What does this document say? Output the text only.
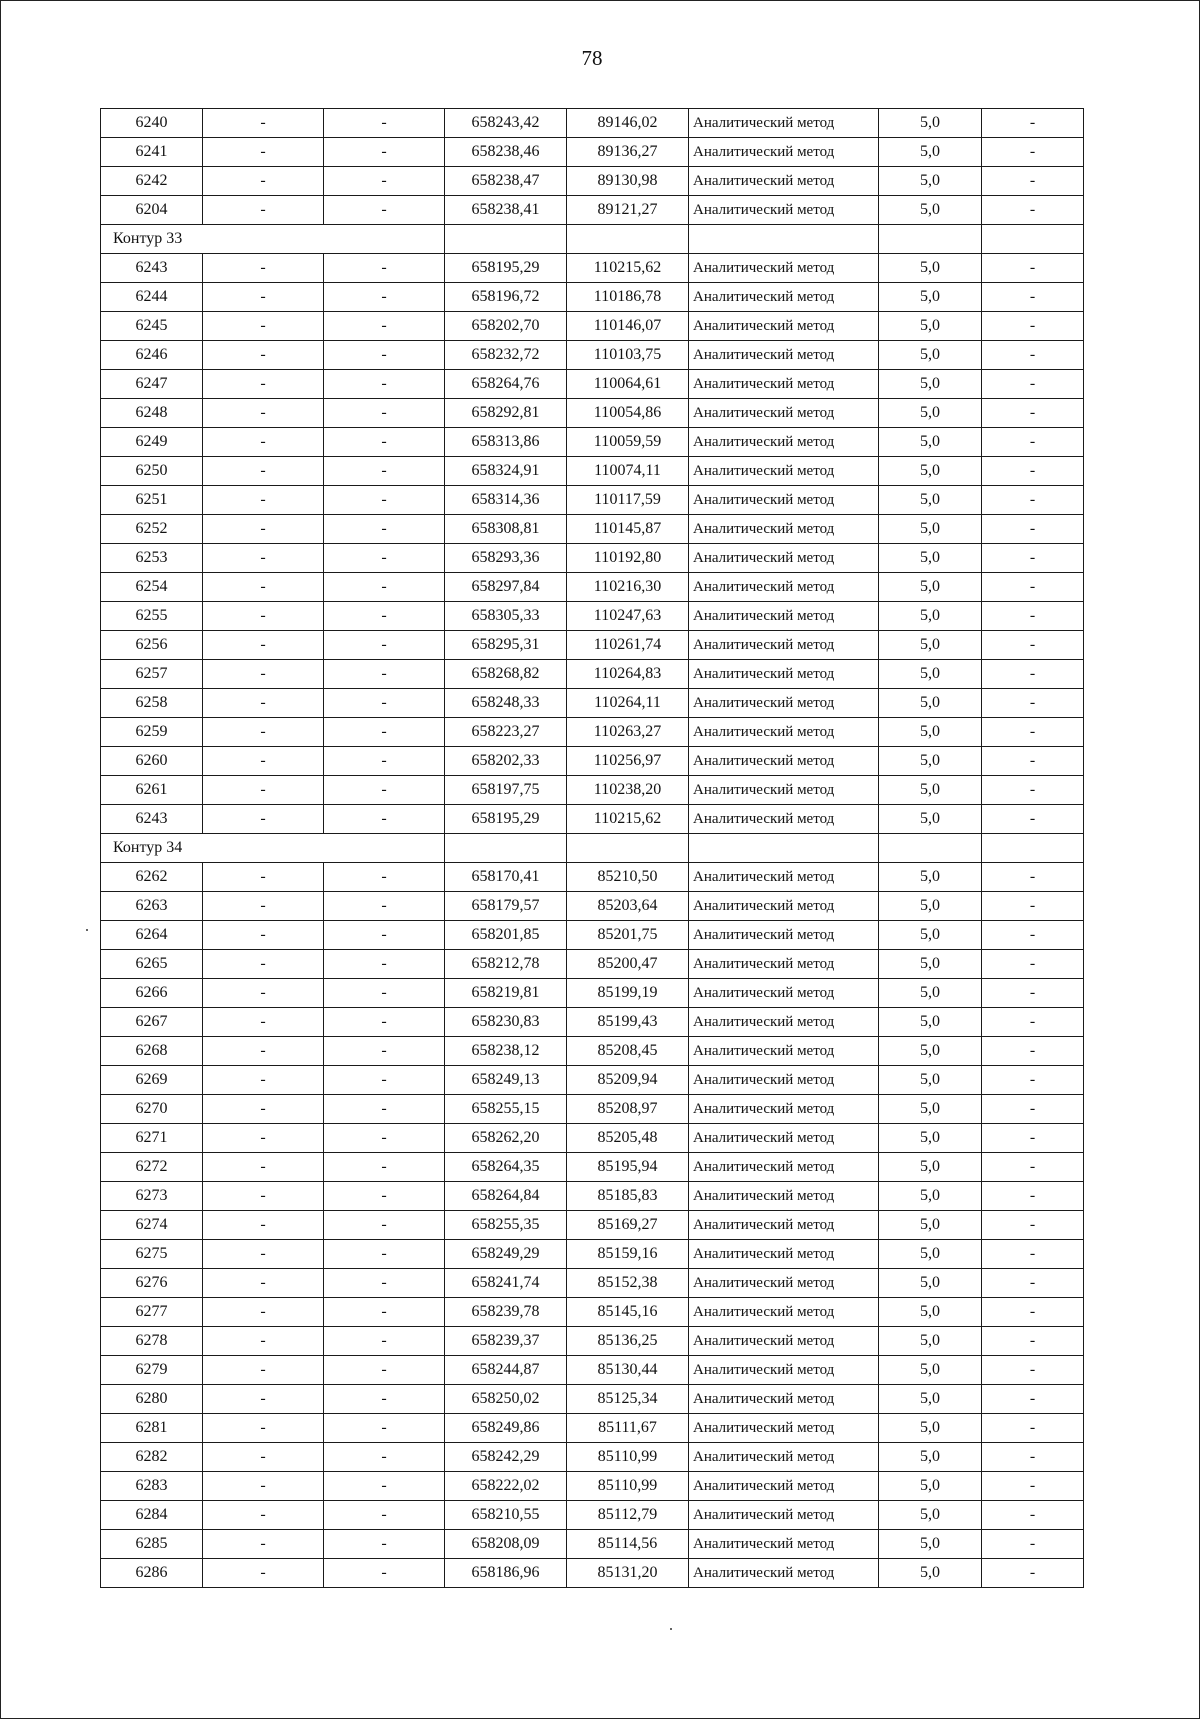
78
6240	-	-	658243,42	89146,02	Аналитический метод	5,0	-
6241	-	-	658238,46	89136,27	Аналитический метод	5,0	-
6242	-	-	658238,47	89130,98	Аналитический метод	5,0	-
6204	-	-	658238,41	89121,27	Аналитический метод	5,0	-
Контур 33							
6243	-	-	658195,29	110215,62	Аналитический метод	5,0	-
6244	-	-	658196,72	110186,78	Аналитический метод	5,0	-
6245	-	-	658202,70	110146,07	Аналитический метод	5,0	-
6246	-	-	658232,72	110103,75	Аналитический метод	5,0	-
6247	-	-	658264,76	110064,61	Аналитический метод	5,0	-
6248	-	-	658292,81	110054,86	Аналитический метод	5,0	-
6249	-	-	658313,86	110059,59	Аналитический метод	5,0	-
6250	-	-	658324,91	110074,11	Аналитический метод	5,0	-
6251	-	-	658314,36	110117,59	Аналитический метод	5,0	-
6252	-	-	658308,81	110145,87	Аналитический метод	5,0	-
6253	-	-	658293,36	110192,80	Аналитический метод	5,0	-
6254	-	-	658297,84	110216,30	Аналитический метод	5,0	-
6255	-	-	658305,33	110247,63	Аналитический метод	5,0	-
6256	-	-	658295,31	110261,74	Аналитический метод	5,0	-
6257	-	-	658268,82	110264,83	Аналитический метод	5,0	-
6258	-	-	658248,33	110264,11	Аналитический метод	5,0	-
6259	-	-	658223,27	110263,27	Аналитический метод	5,0	-
6260	-	-	658202,33	110256,97	Аналитический метод	5,0	-
6261	-	-	658197,75	110238,20	Аналитический метод	5,0	-
6243	-	-	658195,29	110215,62	Аналитический метод	5,0	-
Контур 34							
6262	-	-	658170,41	85210,50	Аналитический метод	5,0	-
6263	-	-	658179,57	85203,64	Аналитический метод	5,0	-
6264	-	-	658201,85	85201,75	Аналитический метод	5,0	-
6265	-	-	658212,78	85200,47	Аналитический метод	5,0	-
6266	-	-	658219,81	85199,19	Аналитический метод	5,0	-
6267	-	-	658230,83	85199,43	Аналитический метод	5,0	-
6268	-	-	658238,12	85208,45	Аналитический метод	5,0	-
6269	-	-	658249,13	85209,94	Аналитический метод	5,0	-
6270	-	-	658255,15	85208,97	Аналитический метод	5,0	-
6271	-	-	658262,20	85205,48	Аналитический метод	5,0	-
6272	-	-	658264,35	85195,94	Аналитический метод	5,0	-
6273	-	-	658264,84	85185,83	Аналитический метод	5,0	-
6274	-	-	658255,35	85169,27	Аналитический метод	5,0	-
6275	-	-	658249,29	85159,16	Аналитический метод	5,0	-
6276	-	-	658241,74	85152,38	Аналитический метод	5,0	-
6277	-	-	658239,78	85145,16	Аналитический метод	5,0	-
6278	-	-	658239,37	85136,25	Аналитический метод	5,0	-
6279	-	-	658244,87	85130,44	Аналитический метод	5,0	-
6280	-	-	658250,02	85125,34	Аналитический метод	5,0	-
6281	-	-	658249,86	85111,67	Аналитический метод	5,0	-
6282	-	-	658242,29	85110,99	Аналитический метод	5,0	-
6283	-	-	658222,02	85110,99	Аналитический метод	5,0	-
6284	-	-	658210,55	85112,79	Аналитический метод	5,0	-
6285	-	-	658208,09	85114,56	Аналитический метод	5,0	-
6286	-	-	658186,96	85131,20	Аналитический метод	5,0	-
